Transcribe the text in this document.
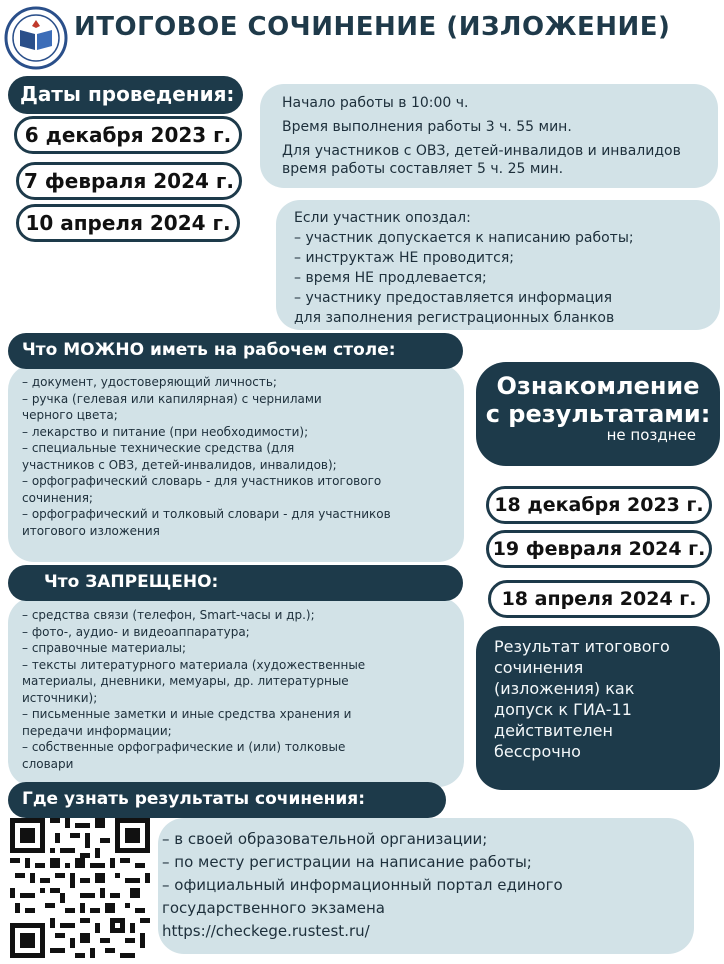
ИТОГОВОЕ СОЧИНЕНИЕ (ИЗЛОЖЕНИЕ)
Даты проведения:
6 декабря 2023 г.
7 февраля 2024 г.
10 апреля 2024 г.

Начало работы в 10:00 ч.

Время выполнения работы 3 ч. 55 мин.

Для участников с ОВЗ, детей-инвалидов и инвалидов время работы составляет 5 ч. 25 мин.

Если участник опоздал:
– участник допускается к написанию работы;
– инструктаж НЕ проводится;
– время НЕ продлевается;
– участнику предоставляется информация
для заполнения регистрационных бланков
– документ, удостоверяющий личность;
– ручка (гелевая или капилярная) с чернилами
черного цвета;
– лекарство и питание (при необходимости);
– специальные технические средства (для
участников с ОВЗ, детей-инвалидов, инвалидов);
– орфографический словарь - для участников итогового
сочинения;
– орфографический и толковый словари - для участников
итогового изложения
Что МОЖНО иметь на рабочем столе:
Ознакомление
с результатами:
не позднее
18 декабря 2023 г.
19 февраля 2024 г.
18 апреля 2024 г.
– средства связи (телефон, Smart-часы и др.);
– фото-, аудио- и видеоаппаратура;
– справочные материалы;
– тексты литературного материала (художественные
материалы, дневники, мемуары, др. литературные
источники);
– письменные заметки и иные средства хранения и
передачи информации;
– собственные орфографические и (или) толковые
словари
Что ЗАПРЕЩЕНО:
Результат итогового
сочинения
(изложения) как
допуск к ГИА-11
действителен
бессрочно
– в своей образовательной организации;
– по месту регистрации на написание работы;
– официальный информационный портал единого
государственного экзамена
https://checkege.rustest.ru/
Где узнать результаты сочинения:
